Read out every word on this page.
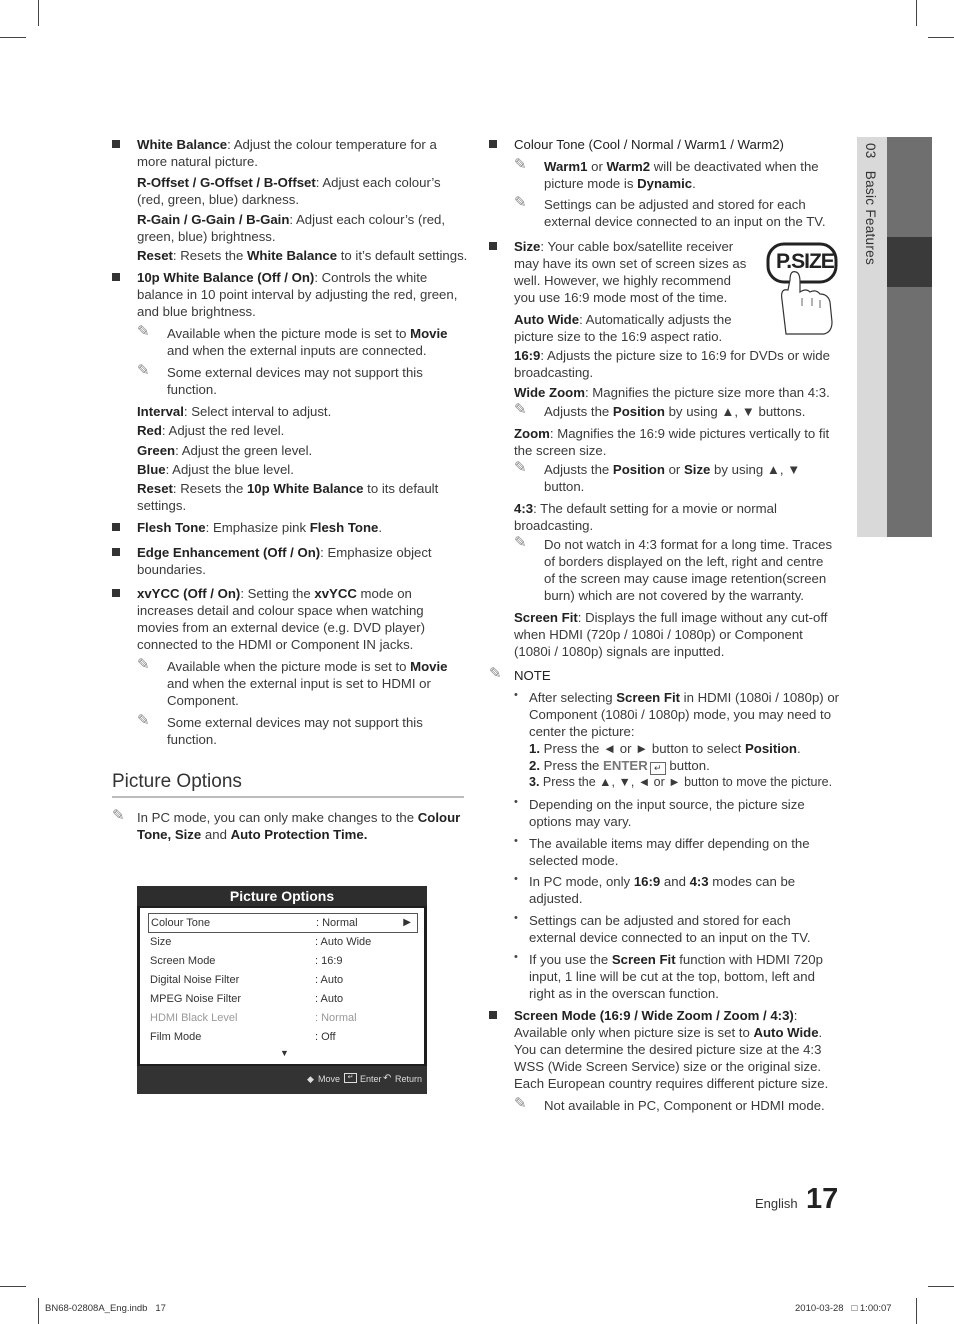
03   Basic Features
White Balance: Adjust the colour temperature for a more natural picture.
R-Offset / G-Offset / B-Offset: Adjust each colour’s (red, green, blue) darkness.
R-Gain / G-Gain / B-Gain: Adjust each colour’s (red, green, blue) brightness.
Reset: Resets the White Balance to it’s default settings.
10p White Balance (Off / On): Controls the white balance in 10 point interval by adjusting the red, green, and blue brightness.
✎ Available when the picture mode is set to Movie and when the external inputs are connected.
✎ Some external devices may not support this function.
Interval: Select interval to adjust.
Red: Adjust the red level.
Green: Adjust the green level.
Blue: Adjust the blue level.
Reset: Resets the 10p White Balance to its default settings.
Flesh Tone: Emphasize pink Flesh Tone.
Edge Enhancement (Off / On): Emphasize object boundaries.
xvYCC (Off / On): Setting the xvYCC mode on increases detail and colour space when watching movies from an external device (e.g. DVD player) connected to the HDMI or Component IN jacks.
✎ Available when the picture mode is set to Movie and when the external input is set to HDMI or Component.
✎ Some external devices may not support this function.
Picture Options
✎ In PC mode, you can only make changes to the Colour Tone, Size and Auto Protection Time.
Picture Options
Colour Tone	: Normal	▶
Size	: Auto Wide
Screen Mode	: 16:9
Digital Noise Filter	: Auto
MPEG Noise Filter	: Auto
HDMI Black Level	: Normal
Film Mode	: Off
▼
◆ Move	↵ Enter ↶ Return
Colour Tone (Cool / Normal / Warm1 / Warm2)
✎ Warm1 or Warm2 will be deactivated when the picture mode is Dynamic.
✎ Settings can be adjusted and stored for each external device connected to an input on the TV.
Size: Your cable box/satellite receiver may have its own set of screen sizes as well. However, we highly recommend you use 16:9 mode most of the time.
P.SIZE
Auto Wide: Automatically adjusts the picture size to the 16:9 aspect ratio.
16:9: Adjusts the picture size to 16:9 for DVDs or wide broadcasting.
Wide Zoom: Magnifies the picture size more than 4:3.
✎ Adjusts the Position by using ▲, ▼ buttons.
Zoom: Magnifies the 16:9 wide pictures vertically to fit the screen size.
✎ Adjusts the Position or Size by using ▲, ▼ button.
4:3: The default setting for a movie or normal broadcasting.
✎ Do not watch in 4:3 format for a long time. Traces of borders displayed on the left, right and centre of the screen may cause image retention(screen burn) which are not covered by the warranty.
Screen Fit: Displays the full image without any cut-off when HDMI (720p / 1080i / 1080p) or Component (1080i / 1080p) signals are inputted.
✎ NOTE
• After selecting Screen Fit in HDMI (1080i / 1080p) or Component (1080i / 1080p) mode, you may need to center the picture:
1. Press the ◄ or ► button to select Position.
2. Press the ENTER ↵ button.
3. Press the ▲, ▼, ◄ or ► button to move the picture.
• Depending on the input source, the picture size options may vary.
• The available items may differ depending on the selected mode.
• In PC mode, only 16:9 and 4:3 modes can be adjusted.
• Settings can be adjusted and stored for each external device connected to an input on the TV.
• If you use the Screen Fit function with HDMI 720p input, 1 line will be cut at the top, bottom, left and right as in the overscan function.
Screen Mode (16:9 / Wide Zoom / Zoom / 4:3): Available only when picture size is set to Auto Wide. You can determine the desired picture size at the 4:3 WSS (Wide Screen Service) size or the original size. Each European country requires different picture size.
✎ Not available in PC, Component or HDMI mode.
English 17
BN68-02808A_Eng.indb   17	2010-03-28   □ 1:00:07
